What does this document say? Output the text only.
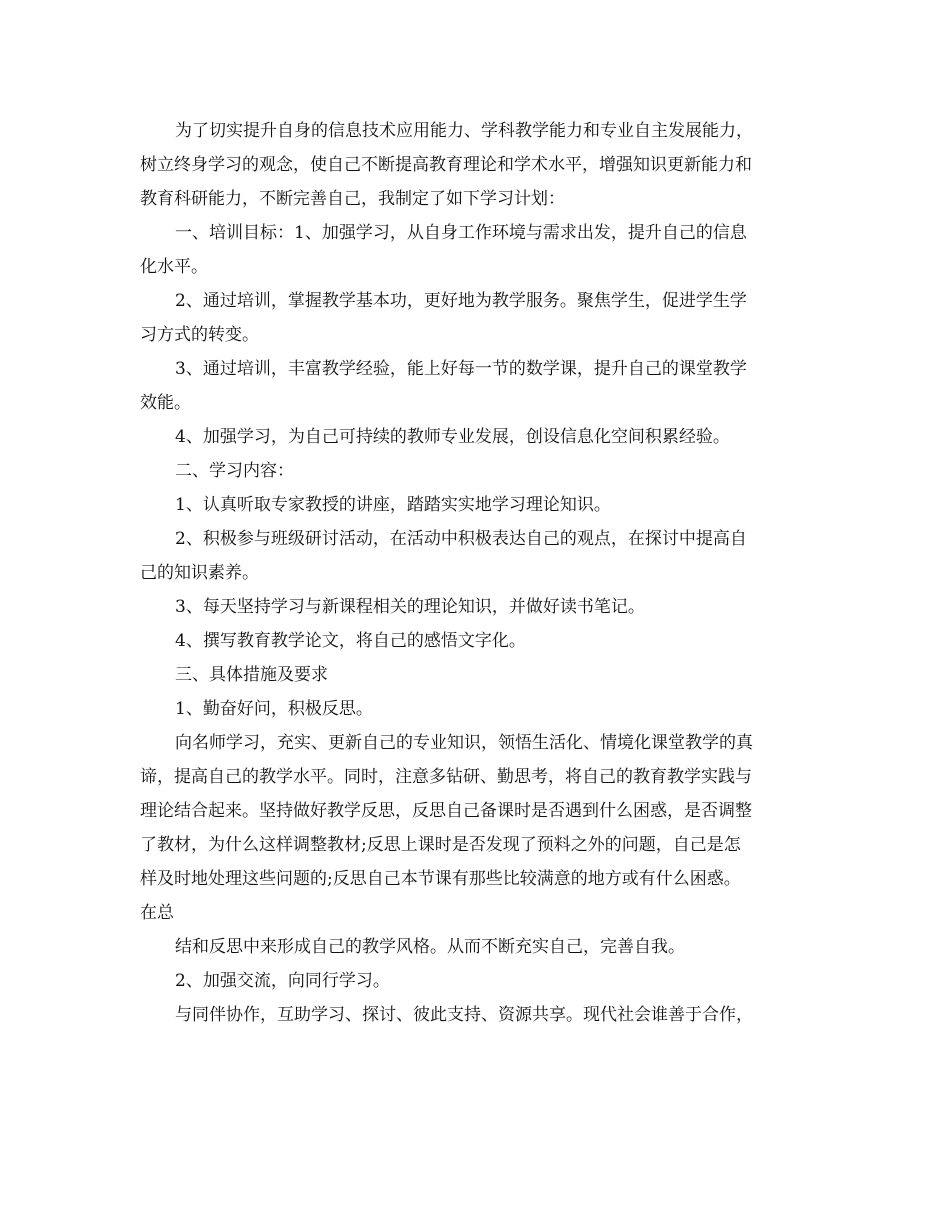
为了切实提升自身的信息技术应用能力、学科教学能力和专业自主发展能力，
树立终身学习的观念，使自己不断提高教育理论和学术水平，增强知识更新能力和
教育科研能力，不断完善自己，我制定了如下学习计划：
一、培训目标：1、加强学习，从自身工作环境与需求出发，提升自己的信息
化水平。
2、通过培训，掌握教学基本功，更好地为教学服务。聚焦学生，促进学生学
习方式的转变。
3、通过培训，丰富教学经验，能上好每一节的数学课，提升自己的课堂教学
效能。
4、加强学习，为自己可持续的教师专业发展，创设信息化空间积累经验。
二、学习内容：
1、认真听取专家教授的讲座，踏踏实实地学习理论知识。
2、积极参与班级研讨活动，在活动中积极表达自己的观点，在探讨中提高自
己的知识素养。
3、每天坚持学习与新课程相关的理论知识，并做好读书笔记。
4、撰写教育教学论文，将自己的感悟文字化。
三、具体措施及要求
1、勤奋好问，积极反思。
向名师学习，充实、更新自己的专业知识，领悟生活化、情境化课堂教学的真
谛，提高自己的教学水平。同时，注意多钻研、勤思考，将自己的教育教学实践与
理论结合起来。坚持做好教学反思，反思自己备课时是否遇到什么困惑，是否调整
了教材，为什么这样调整教材;反思上课时是否发现了预料之外的问题，自己是怎
样及时地处理这些问题的;反思自己本节课有那些比较满意的地方或有什么困惑。
在总
结和反思中来形成自己的教学风格。从而不断充实自己，完善自我。
2、加强交流，向同行学习。
与同伴协作，互助学习、探讨、彼此支持、资源共享。现代社会谁善于合作，
